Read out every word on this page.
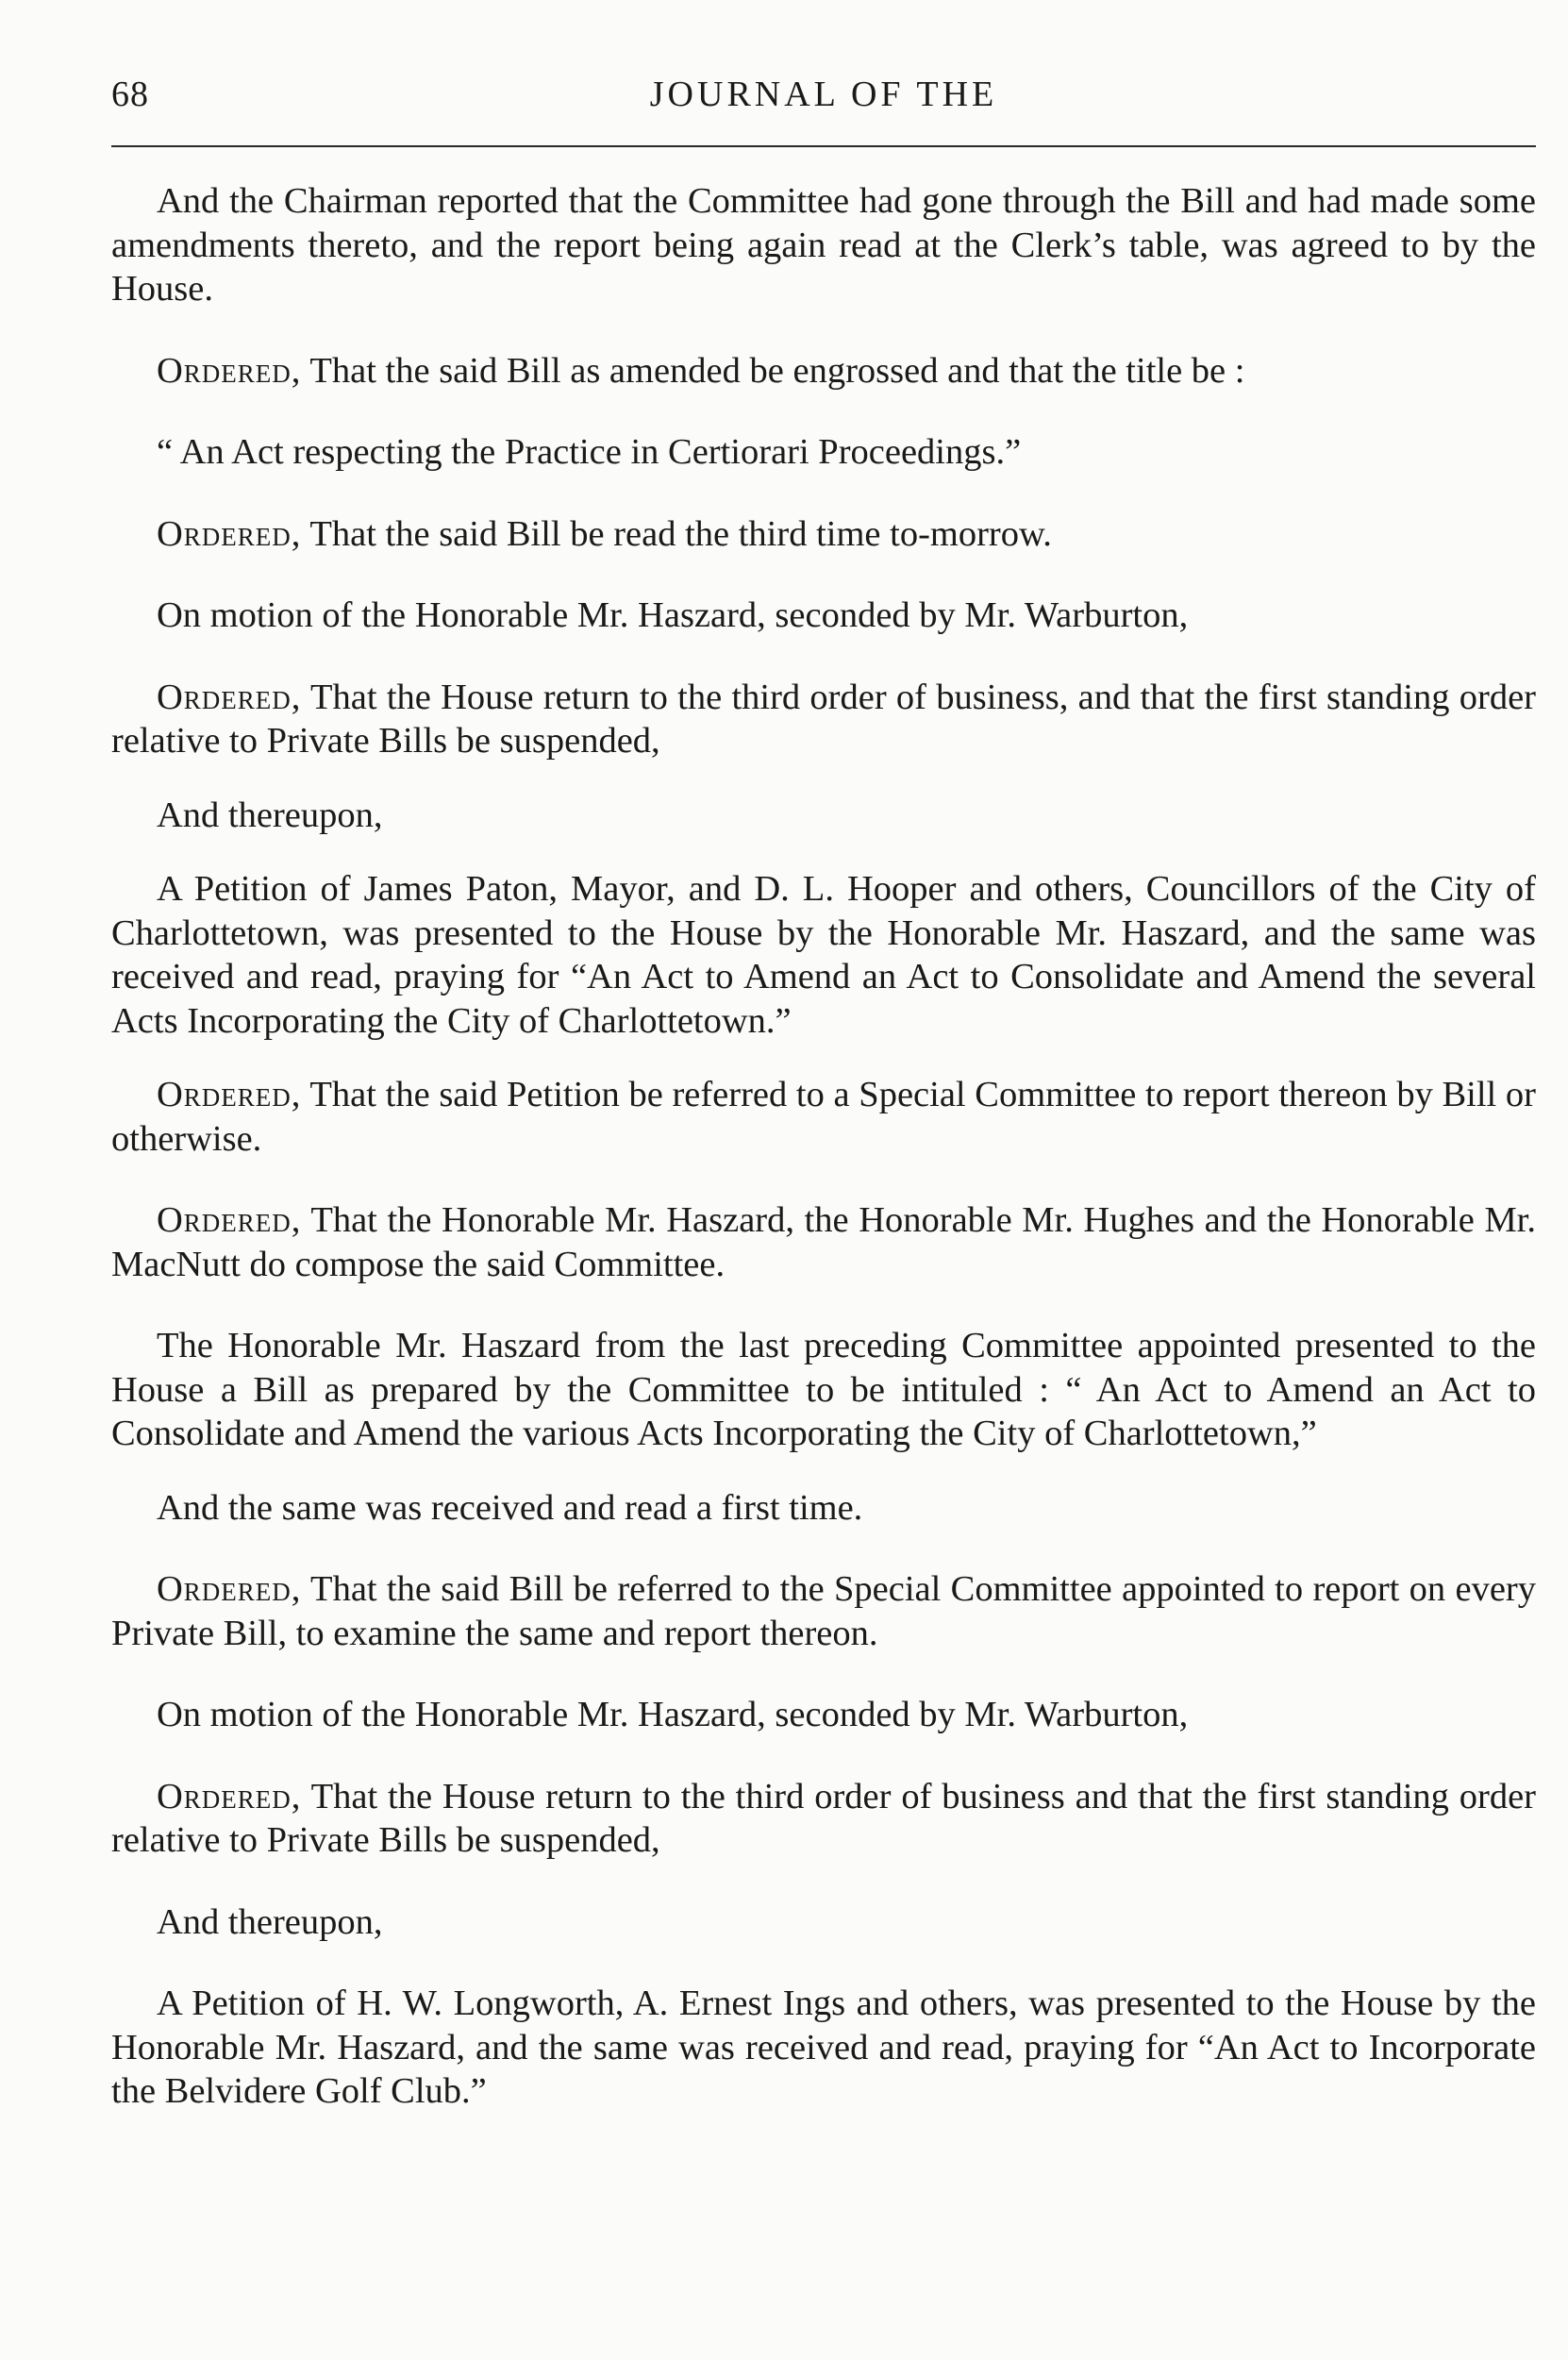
68	JOURNAL OF THE

And the Chairman reported that the Committee had gone through the Bill and had made some amendments thereto, and the report being again read at the Clerk’s table, was agreed to by the House.

Ordered, That the said Bill as amended be engrossed and that the title be :

“ An Act respecting the Practice in Certiorari Proceedings.”

Ordered, That the said Bill be read the third time to-morrow.

On motion of the Honorable Mr. Haszard, seconded by Mr. Warburton,

Ordered, That the House return to the third order of business, and that the first standing order relative to Private Bills be suspended,

And thereupon,

A Petition of James Paton, Mayor, and D. L. Hooper and others, Councillors of the City of Charlottetown, was presented to the House by the Honorable Mr. Haszard, and the same was received and read, praying for “An Act to Amend an Act to Consolidate and Amend the several Acts Incorporating the City of Charlottetown.”

Ordered, That the said Petition be referred to a Special Committee to report thereon by Bill or otherwise.

Ordered, That the Honorable Mr. Haszard, the Honorable Mr. Hughes and the Honorable Mr. MacNutt do compose the said Committee.

The Honorable Mr. Haszard from the last preceding Committee appointed presented to the House a Bill as prepared by the Committee to be intituled : “ An Act to Amend an Act to Consolidate and Amend the various Acts Incorporating the City of Charlottetown,”

And the same was received and read a first time.

Ordered, That the said Bill be referred to the Special Committee appointed to report on every Private Bill, to examine the same and report thereon.

On motion of the Honorable Mr. Haszard, seconded by Mr. Warburton,

Ordered, That the House return to the third order of business and that the first standing order relative to Private Bills be suspended,

And thereupon,

A Petition of H. W. Longworth, A. Ernest Ings and others, was presented to the House by the Honorable Mr. Haszard, and the same was received and read, praying for “An Act to Incorporate the Belvidere Golf Club.”
